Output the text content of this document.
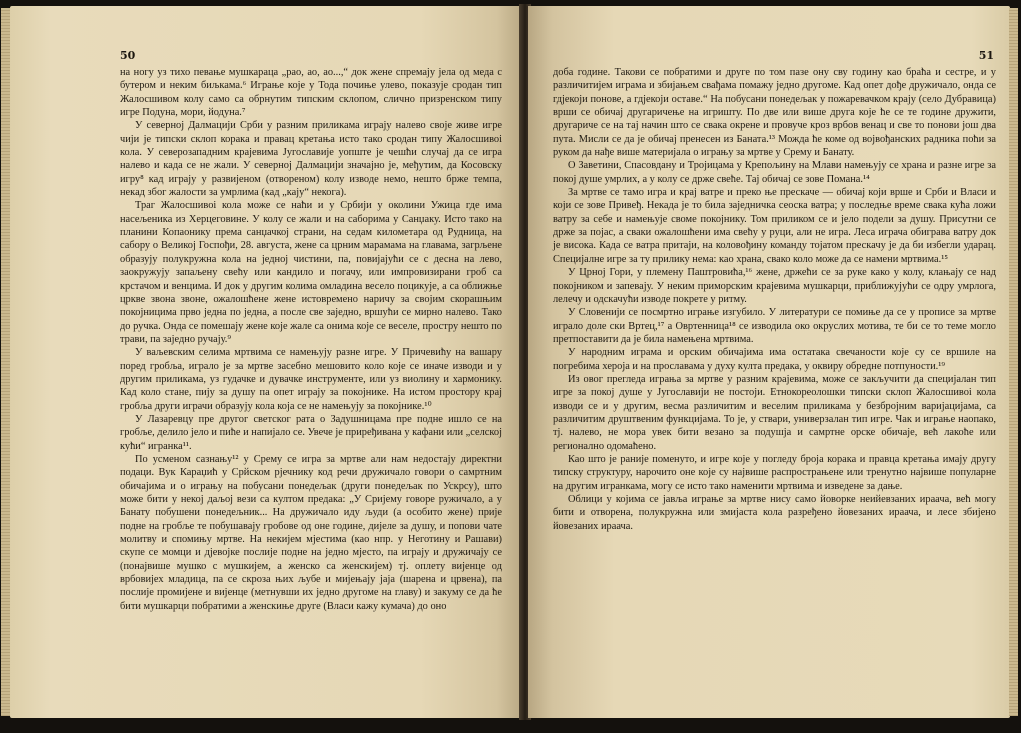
50

на ногу уз тихо певање мушкараца „рао, ао, ао...,“ док жене спремају јела од меда с бутером и неким биљкама.⁶ Играње које у Тода почиње улево, показује сродан тип Жалосшивом колу само са обрнутим типским склопом, слично призренском типу игре Подуна, мори, йодуна.⁷

У северној Далмацији Срби у разним приликама играју налево своје живе игре чији је типски склоп корака и правац кретања исто тако сродан типу Жалосшивоi кола. У северозападним крајевима Југославије уопште је чешћи случај да се игра налево и када се не жали. У северној Далмацији значајно је, међутим, да Косовску игру⁸ кад играју у развијеном (отвореном) колу изводе немо, нешто брже темпа, некад због жалости за умрлима (кад „кају“ некога).

Траг Жалосшивоi кола може се наћи и у Србији у околини Ужица где има насељеника из Херцеговине. У колу се жали и на саборима у Санџаку. Исто тако на планини Копаонику према санџачкој страни, на седам километара од Рудница, на сабору о Великој Госпођи, 28. августа, жене са црним марамама на главама, загрљене образују полукружна кола на једној чистини, па, повијајући се с десна на лево, заокружују запаљену свећу или кандило и погачу, или импровизирани гроб са крстачом и венцима. И док у другим колима омладина весело поцикује, а са оближње цркве звона звоне, ожалошћене жене истовремено наричу за својим скорашњим покојницима прво једна по једна, а после све заједно, вршући се мирно налево. Тако до ручка. Онда се помешају жене које жале са онима које се веселе, простру нешто по трави, па заједно ручају.⁹

У ваљевским селима мртвима се намењују разне игре. У Причевићу на вашару поред гробља, играло је за мртве засебно мешовито коло које се иначе изводи и у другим приликама, уз гудачке и дувачке инструменте, или уз виолину и хармонику. Кад коло стане, пију за душу па опет играју за покојнике. На истом простору крај гробља други играчи образују кола која се не намењују за покојнике.¹⁰

У Лазаревцу пре другог светског рата о Задушницама пре подне ишло се на гробље, делило јело и пиће и напијало се. Увече је приређивана у кафани или „селској кући“ игранка¹¹.

По усменом сазнању¹² у Срему се игра за мртве али нам недостају директни подаци. Вук Караџић у Срйском рјечнику код речи дружичало говори о самртним обичајима и о игрању на побусани понедељак (други понедељак по Ускрсу), што може бити у некој даљој вези са култом предака: „У Сријему говоре ружичало, а у Банату побушени понедељник... На дружичало иду људи (а особито жене) прије подне на гробље те побушавају гробове од оне године, дијеле за душу, и попови чате молитву и спомињу мртве. На некијем мјестима (као нпр. у Неготину и Рашави) скупе се момци и дјевојке послије подне на једно мјесто, па играју и дружичају се (понајвише мушко с мушкијем, а женско са женскијем) тј. оплету вијенце од врбовијех младица, па се скроза њих љубе и мијењају јаја (шарена и црвена), па послије промијене и вијенце (метнувши их једно другоме на главу) и закуму се да ће бити мушкарци побратими а женскиње друге (Власи кажу кумача) до оно

51

доба године. Такови се побратими и друге по том пазе ону сву годину као браћа и сестре, и у различитијем играма и збијањем свађама помажу једно другоме. Кад опет дође дружичало, онда се гдјекоји понове, а гдјекоји оставе.“ На побусани понедељак у пожаревачком крају (село Дубравица) врши се обичај другаричење на игришту. По две или више друга које ће се те године дружити, другариче се на тај начин што се свака окрене и провуче кроз врбов венац и све то понови још два пута. Мисли се да је обичај пренесен из Баната.¹³ Можда ће коме од војвођанских радника поћи за руком да нађе више материјала о игрању за мртве у Срему и Банату.

О Заветини, Спасовдану и Тројицама у Крепољину на Млави намењују се храна и разне игре за покој душе умрлих, а у колу се држе свеће. Тај обичај се зове Помана.¹⁴

За мртве се тамо игра и крај ватре и преко ње прескаче — обичај који врше и Срби и Власи и који се зове Привеђ. Некада је то била заједничка сеоска ватра; у последње време свака кућа ложи ватру за себе и намењује своме покојнику. Том приликом се и јело подели за душу. Присутни се држе за појас, а сваки ожалошћени има свећу у руци, али не игра. Леса играча обиграва ватру док је висока. Када се ватра притаји, на коловођину команду тојатом прескачу је да би избегли ударац. Специјалне игре за ту прилику нема: као храна, свако коло може да се намени мртвима.¹⁵

У Црној Гори, у племену Паштровића,¹⁶ жене, држећи се за руке како у колу, клањају се над покојником и запевају. У неким приморским крајевима мушкарци, приближујући се одру умрлога, лелечу и одскачући изводе покрете у ритму.

У Словенији се посмртно играње изгубило. У литератури се помиње да се у прописе за мртве играло доле ски Вртец,¹⁷ а Овртенница¹⁸ се изводила око окруслих мотива, те би се то теме могло претпоставити да је била намењена мртвима.

У народним играма и орским обичајима има остатака свечаности које су се вршиле на погребима хероја и на прославама у духу култа предака, у оквиру обредне потпуности.¹⁹

Из овог прегледа играња за мртве у разним крајевима, може се закључити да специјалан тип игре за покој душе у Југославији не постоји. Етнокореолошки типски склоп Жалосшивоi кола изводи се и у другим, весма различитим и веселим приликама у безбројним варијацијама, са различитим друштвеним функцијама. То је, у ствари, универзалан тип игре. Чак и играње наопако, тј. налево, не мора увек бити везано за подушја и самртне орске обичаје, већ лакоће или регионално одомаћено.

Као што је раније поменуто, и игре које у погледу броја корака и правца кретања имају другу типску структуру, нарочито оне које су највише распрострањене или тренутно највише популарне на другим игранкама, могу се исто тако наменити мртвима и изведене за дање.

Облици у којима се јавља играње за мртве нису само йоворке неийевзаних ираача, већ могу бити и отворена, полукружна или змијаста кола разређено йовезаних ираача, и лесе збијено йовезаних ираача.
